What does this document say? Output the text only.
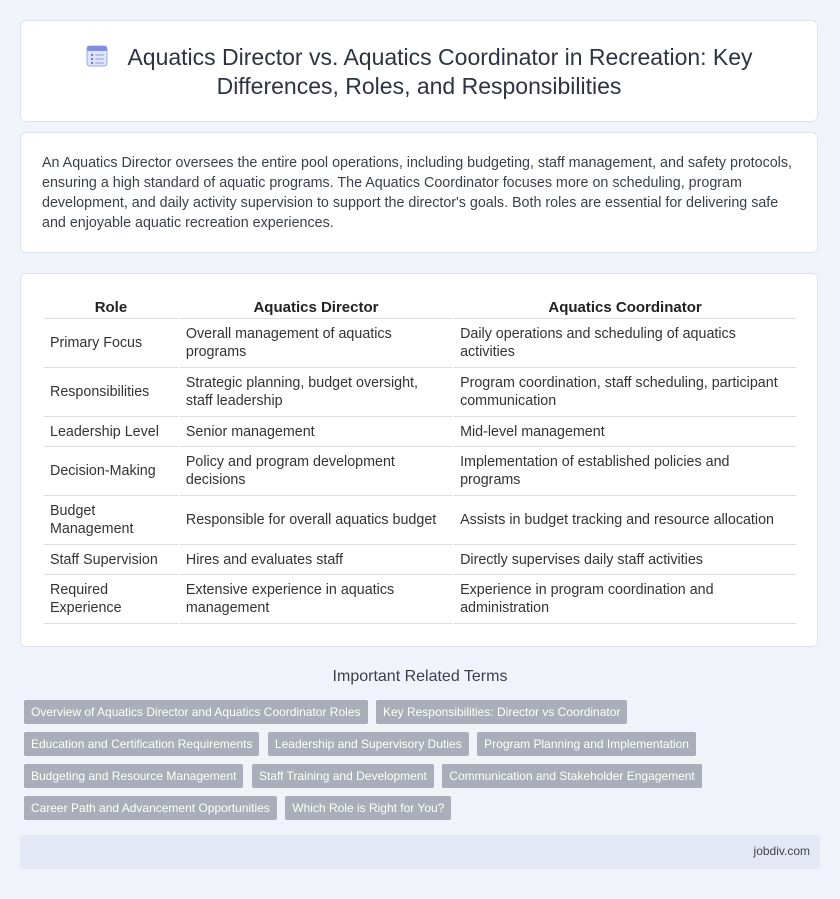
Aquatics Director vs. Aquatics Coordinator in Recreation: Key Differences, Roles, and Responsibilities

An Aquatics Director oversees the entire pool operations, including budgeting, staff management, and safety protocols, ensuring a high standard of aquatic programs. The Aquatics Coordinator focuses more on scheduling, program development, and daily activity supervision to support the director's goals. Both roles are essential for delivering safe and enjoyable aquatic recreation experiences.

Role	Aquatics Director	Aquatics Coordinator
Primary Focus	Overall management of aquatics programs	Daily operations and scheduling of aquatics activities
Responsibilities	Strategic planning, budget oversight, staff leadership	Program coordination, staff scheduling, participant communication
Leadership Level	Senior management	Mid-level management
Decision-Making	Policy and program development decisions	Implementation of established policies and programs
Budget Management	Responsible for overall aquatics budget	Assists in budget tracking and resource allocation
Staff Supervision	Hires and evaluates staff	Directly supervises daily staff activities
Required Experience	Extensive experience in aquatics management	Experience in program coordination and administration
Important Related Terms
Overview of Aquatics Director and Aquatics Coordinator Roles Key Responsibilities: Director vs Coordinator
Education and Certification Requirements Leadership and Supervisory Duties Program Planning and Implementation
Budgeting and Resource Management Staff Training and Development Communication and Stakeholder Engagement
Career Path and Advancement Opportunities Which Role is Right for You?
jobdiv.com
